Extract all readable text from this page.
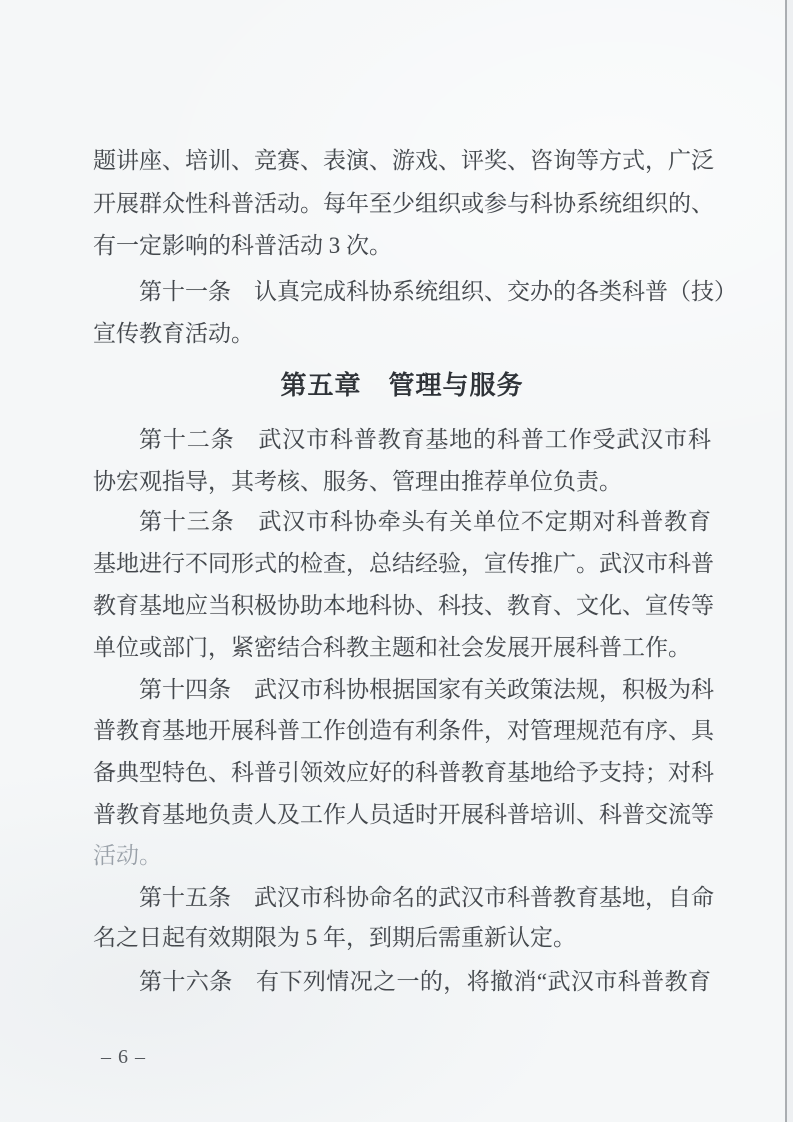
题讲座、培训、竞赛、表演、游戏、评奖、咨询等方式，广泛
开展群众性科普活动。每年至少组织或参与科协系统组织的、
有一定影响的科普活动 3 次。
第十一条　认真完成科协系统组织、交办的各类科普（技）
宣传教育活动。
第五章　管理与服务
第十二条　武汉市科普教育基地的科普工作受武汉市科
协宏观指导，其考核、服务、管理由推荐单位负责。
第十三条　武汉市科协牵头有关单位不定期对科普教育
基地进行不同形式的检查，总结经验，宣传推广。武汉市科普
教育基地应当积极协助本地科协、科技、教育、文化、宣传等
单位或部门，紧密结合科教主题和社会发展开展科普工作。
第十四条　武汉市科协根据国家有关政策法规，积极为科
普教育基地开展科普工作创造有利条件，对管理规范有序、具
备典型特色、科普引领效应好的科普教育基地给予支持；对科
普教育基地负责人及工作人员适时开展科普培训、科普交流等
活动。
第十五条　武汉市科协命名的武汉市科普教育基地，自命
名之日起有效期限为 5 年，到期后需重新认定。
第十六条　有下列情况之一的，将撤消“武汉市科普教育
– 6 –
